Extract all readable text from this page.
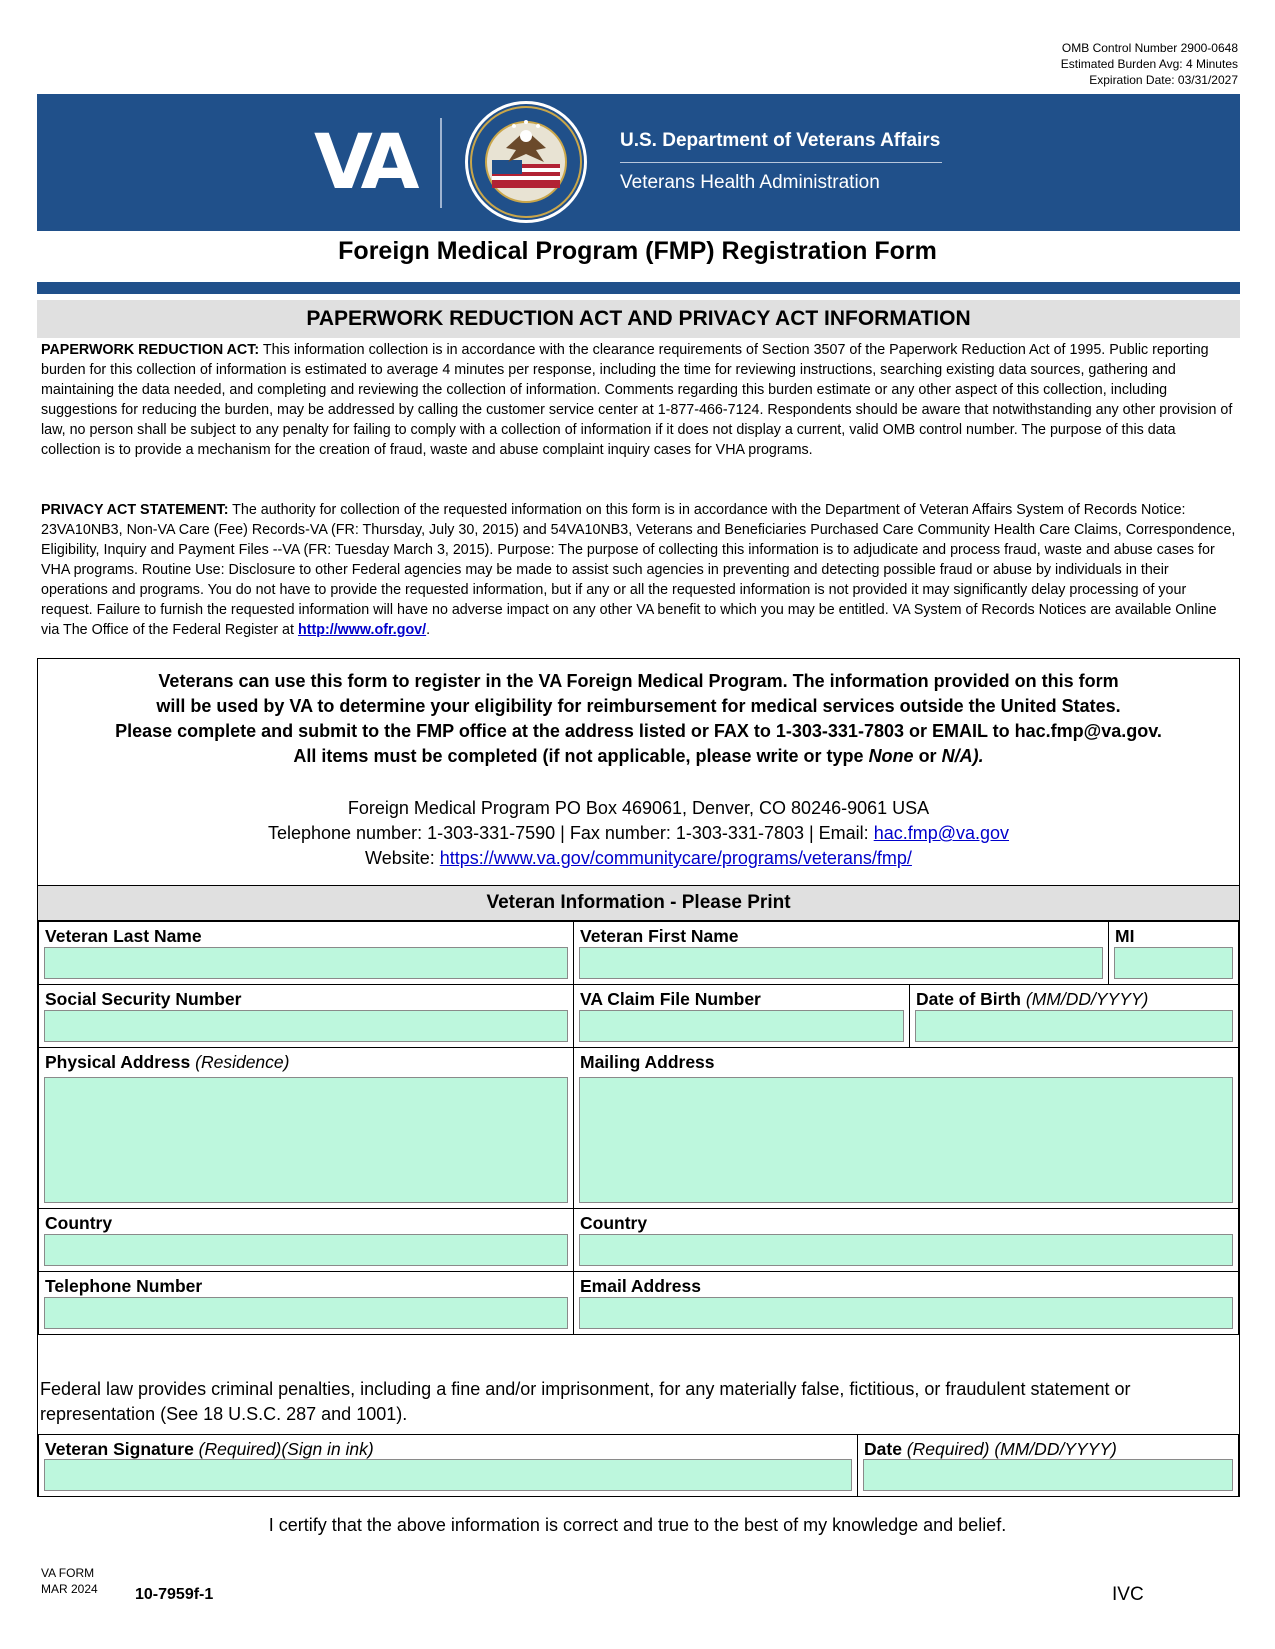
OMB Control Number 2900-0648
Estimated Burden Avg: 4 Minutes
Expiration Date: 03/31/2027
VA	U.S. Department of Veterans Affairs
Veterans Health Administration
Foreign Medical Program (FMP) Registration Form
PAPERWORK REDUCTION ACT AND PRIVACY ACT INFORMATION
PAPERWORK REDUCTION ACT: This information collection is in accordance with the clearance requirements of Section 3507 of the Paperwork Reduction Act of 1995. Public reporting burden for this collection of information is estimated to average 4 minutes per response, including the time for reviewing instructions, searching existing data sources, gathering and maintaining the data needed, and completing and reviewing the collection of information. Comments regarding this burden estimate or any other aspect of this collection, including suggestions for reducing the burden, may be addressed by calling the customer service center at 1-877-466-7124. Respondents should be aware that notwithstanding any other provision of law, no person shall be subject to any penalty for failing to comply with a collection of information if it does not display a current, valid OMB control number. The purpose of this data collection is to provide a mechanism for the creation of fraud, waste and abuse complaint inquiry cases for VHA programs.
PRIVACY ACT STATEMENT: The authority for collection of the requested information on this form is in accordance with the Department of Veteran Affairs System of Records Notice: 23VA10NB3, Non-VA Care (Fee) Records-VA (FR: Thursday, July 30, 2015) and 54VA10NB3, Veterans and Beneficiaries Purchased Care Community Health Care Claims, Correspondence, Eligibility, Inquiry and Payment Files --VA (FR: Tuesday March 3, 2015). Purpose: The purpose of collecting this information is to adjudicate and process fraud, waste and abuse cases for VHA programs. Routine Use: Disclosure to other Federal agencies may be made to assist such agencies in preventing and detecting possible fraud or abuse by individuals in their operations and programs. You do not have to provide the requested information, but if any or all the requested information is not provided it may significantly delay processing of your request. Failure to furnish the requested information will have no adverse impact on any other VA benefit to which you may be entitled. VA System of Records Notices are available Online via The Office of the Federal Register at http://www.ofr.gov/.
Veterans can use this form to register in the VA Foreign Medical Program. The information provided on this form
will be used by VA to determine your eligibility for reimbursement for medical services outside the United States.
Please complete and submit to the FMP office at the address listed or FAX to 1-303-331-7803 or EMAIL to hac.fmp@va.gov.
All items must be completed (if not applicable, please write or type None or N/A).
Foreign Medical Program PO Box 469061, Denver, CO 80246-9061 USA
Telephone number: 1-303-331-7590 | Fax number: 1-303-331-7803 | Email: hac.fmp@va.gov
Website: https://www.va.gov/communitycare/programs/veterans/fmp/
Veteran Information - Please Print
Veteran Last Name	Veteran First Name	MI
Social Security Number	VA Claim File Number	Date of Birth (MM/DD/YYYY)
Physical Address (Residence)	Mailing Address
Country	Country
Telephone Number	Email Address
Veteran Signature (Required)(Sign in ink)	Date (Required) (MM/DD/YYYY)
Federal law provides criminal penalties, including a fine and/or imprisonment, for any materially false, fictitious, or fraudulent statement or representation (See 18 U.S.C. 287 and 1001).
I certify that the above information is correct and true to the best of my knowledge and belief.
VA FORM
MAR 2024 10-7959f-1	IVC
